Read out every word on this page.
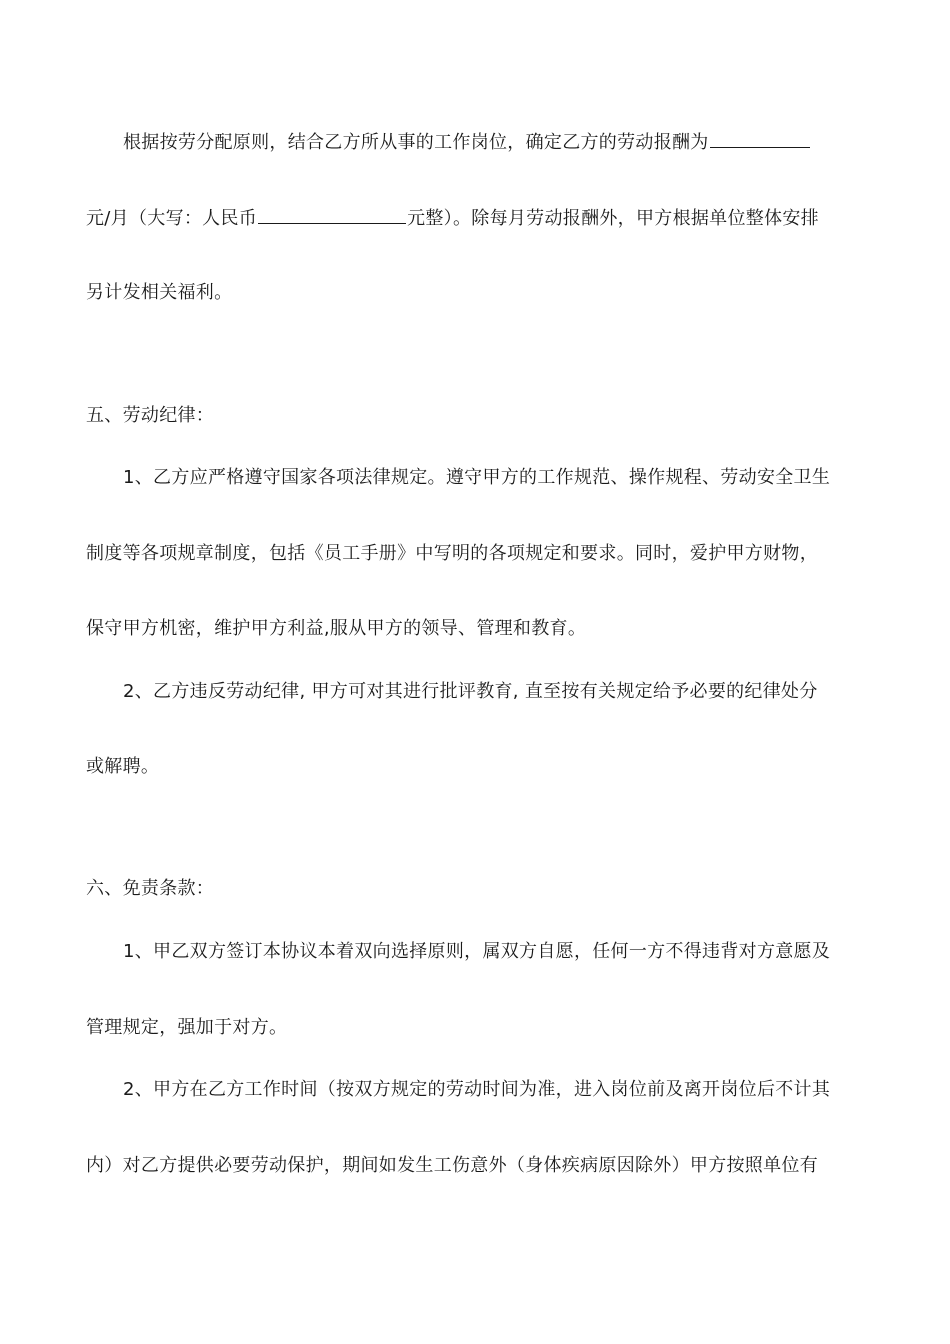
根据按劳分配原则，结合乙方所从事的工作岗位，确定乙方的劳动报酬为
元/月（大写：人民币	元整）。除每月劳动报酬外，甲方根据单位整体安排
另计发相关福利。
五、劳动纪律：
1、乙方应严格遵守国家各项法律规定。遵守甲方的工作规范、操作规程、劳动安全卫生
制度等各项规章制度，包括《员工手册》中写明的各项规定和要求。同时，爱护甲方财物，
保守甲方机密，维护甲方利益,服从甲方的领导、管理和教育。
2、乙方违反劳动纪律, 甲方可对其进行批评教育, 直至按有关规定给予必要的纪律处分
或解聘。
六、免责条款：
1、甲乙双方签订本协议本着双向选择原则，属双方自愿，任何一方不得违背对方意愿及
管理规定，强加于对方。
2、甲方在乙方工作时间（按双方规定的劳动时间为准，进入岗位前及离开岗位后不计其
内）对乙方提供必要劳动保护，期间如发生工伤意外（身体疾病原因除外）甲方按照单位有
